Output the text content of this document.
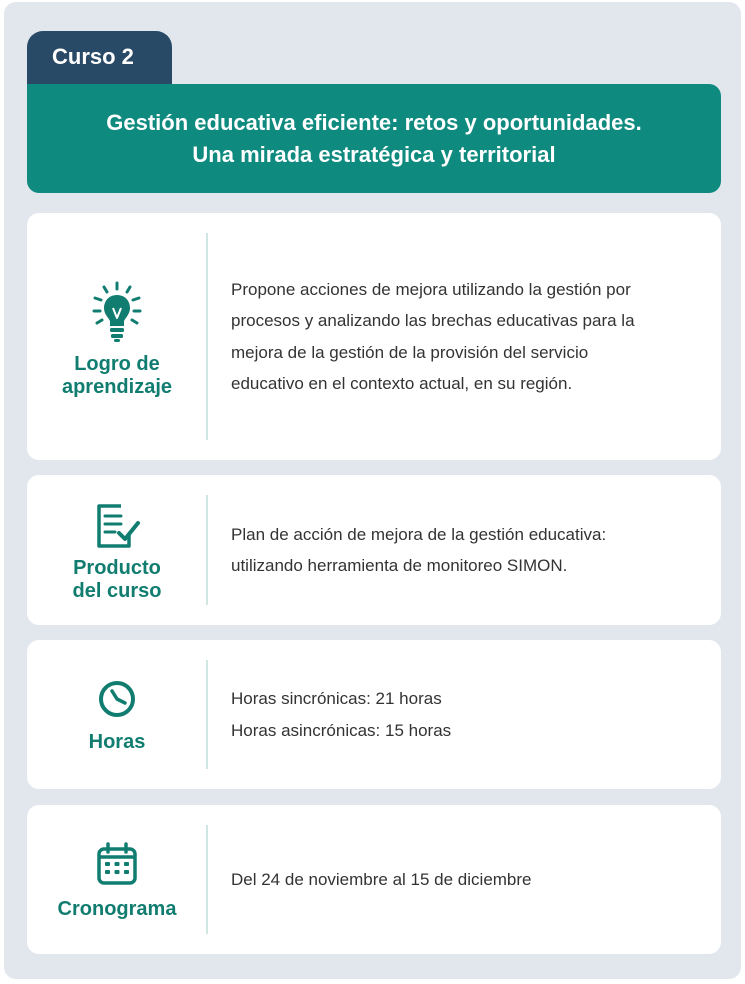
Curso 2
Gestión educativa eficiente: retos y oportunidades.
Una mirada estratégica y territorial
Logro de
aprendizaje
Propone acciones de mejora utilizando la gestión por
procesos y analizando las brechas educativas para la
mejora de la gestión de la provisión del servicio
educativo en el contexto actual, en su región.
Producto
del curso
Plan de acción de mejora de la gestión educativa:
utilizando herramienta de monitoreo SIMON.
Horas
Horas sincrónicas: 21 horas
Horas asincrónicas: 15 horas
Cronograma
Del 24 de noviembre al 15 de diciembre
